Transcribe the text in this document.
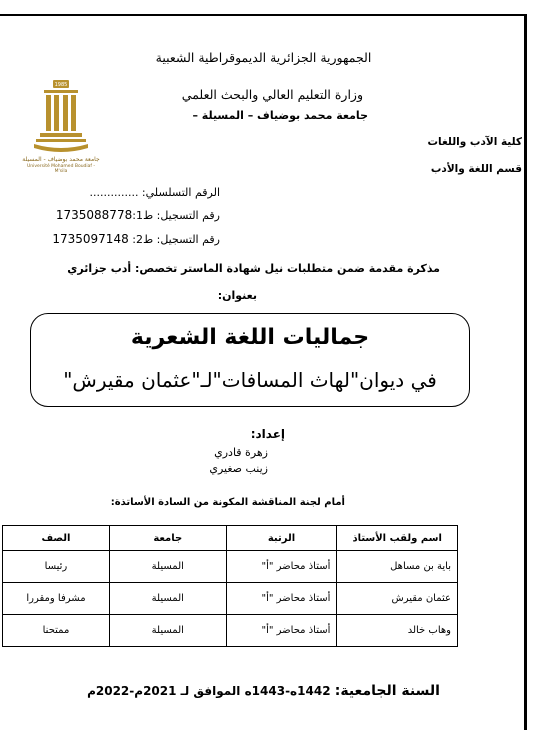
الجمهورية الجزائرية الديموقراطية الشعبية
وزارة التعليم العالي والبحث العلمي
جامعة محمد بوضياف – المسيلة –
كلية الآدب واللغات
قسم اللغة والأدب
1985
جامعة محمد بوضياف - المسيلة
Université Mohamed Boudiaf - M'sila
الرقم التسلسلي: ..............
رقم التسجيل: ط1:1735088778
رقم التسجيل: ط2: 1735097148
مذكرة مقدمة ضمن متطلبات نيل شهادة الماستر تخصص: أدب جزائري
بعنوان:
جماليات اللغة الشعرية
في ديوان"لهاث المسافات"لـ"عثمان مقيرش"
إعداد:
زهرة قادري
زينب صغيري
أمام لجنة المناقشة المكونة من السادة الأساتذة:
اسم ولقب الأستاذ	الرتبة	جامعة	الصف
باية بن مساهل	أستاذ محاضر "أ"	المسيلة	رئيسا
عثمان مقيرش	أستاذ محاضر "أ"	المسيلة	مشرفا ومقررا
وهاب خالد	أستاذ محاضر "أ"	المسيلة	ممتحنا
السنة الجامعية: 1442ه-1443ه الموافق لـ 2021م-2022م
